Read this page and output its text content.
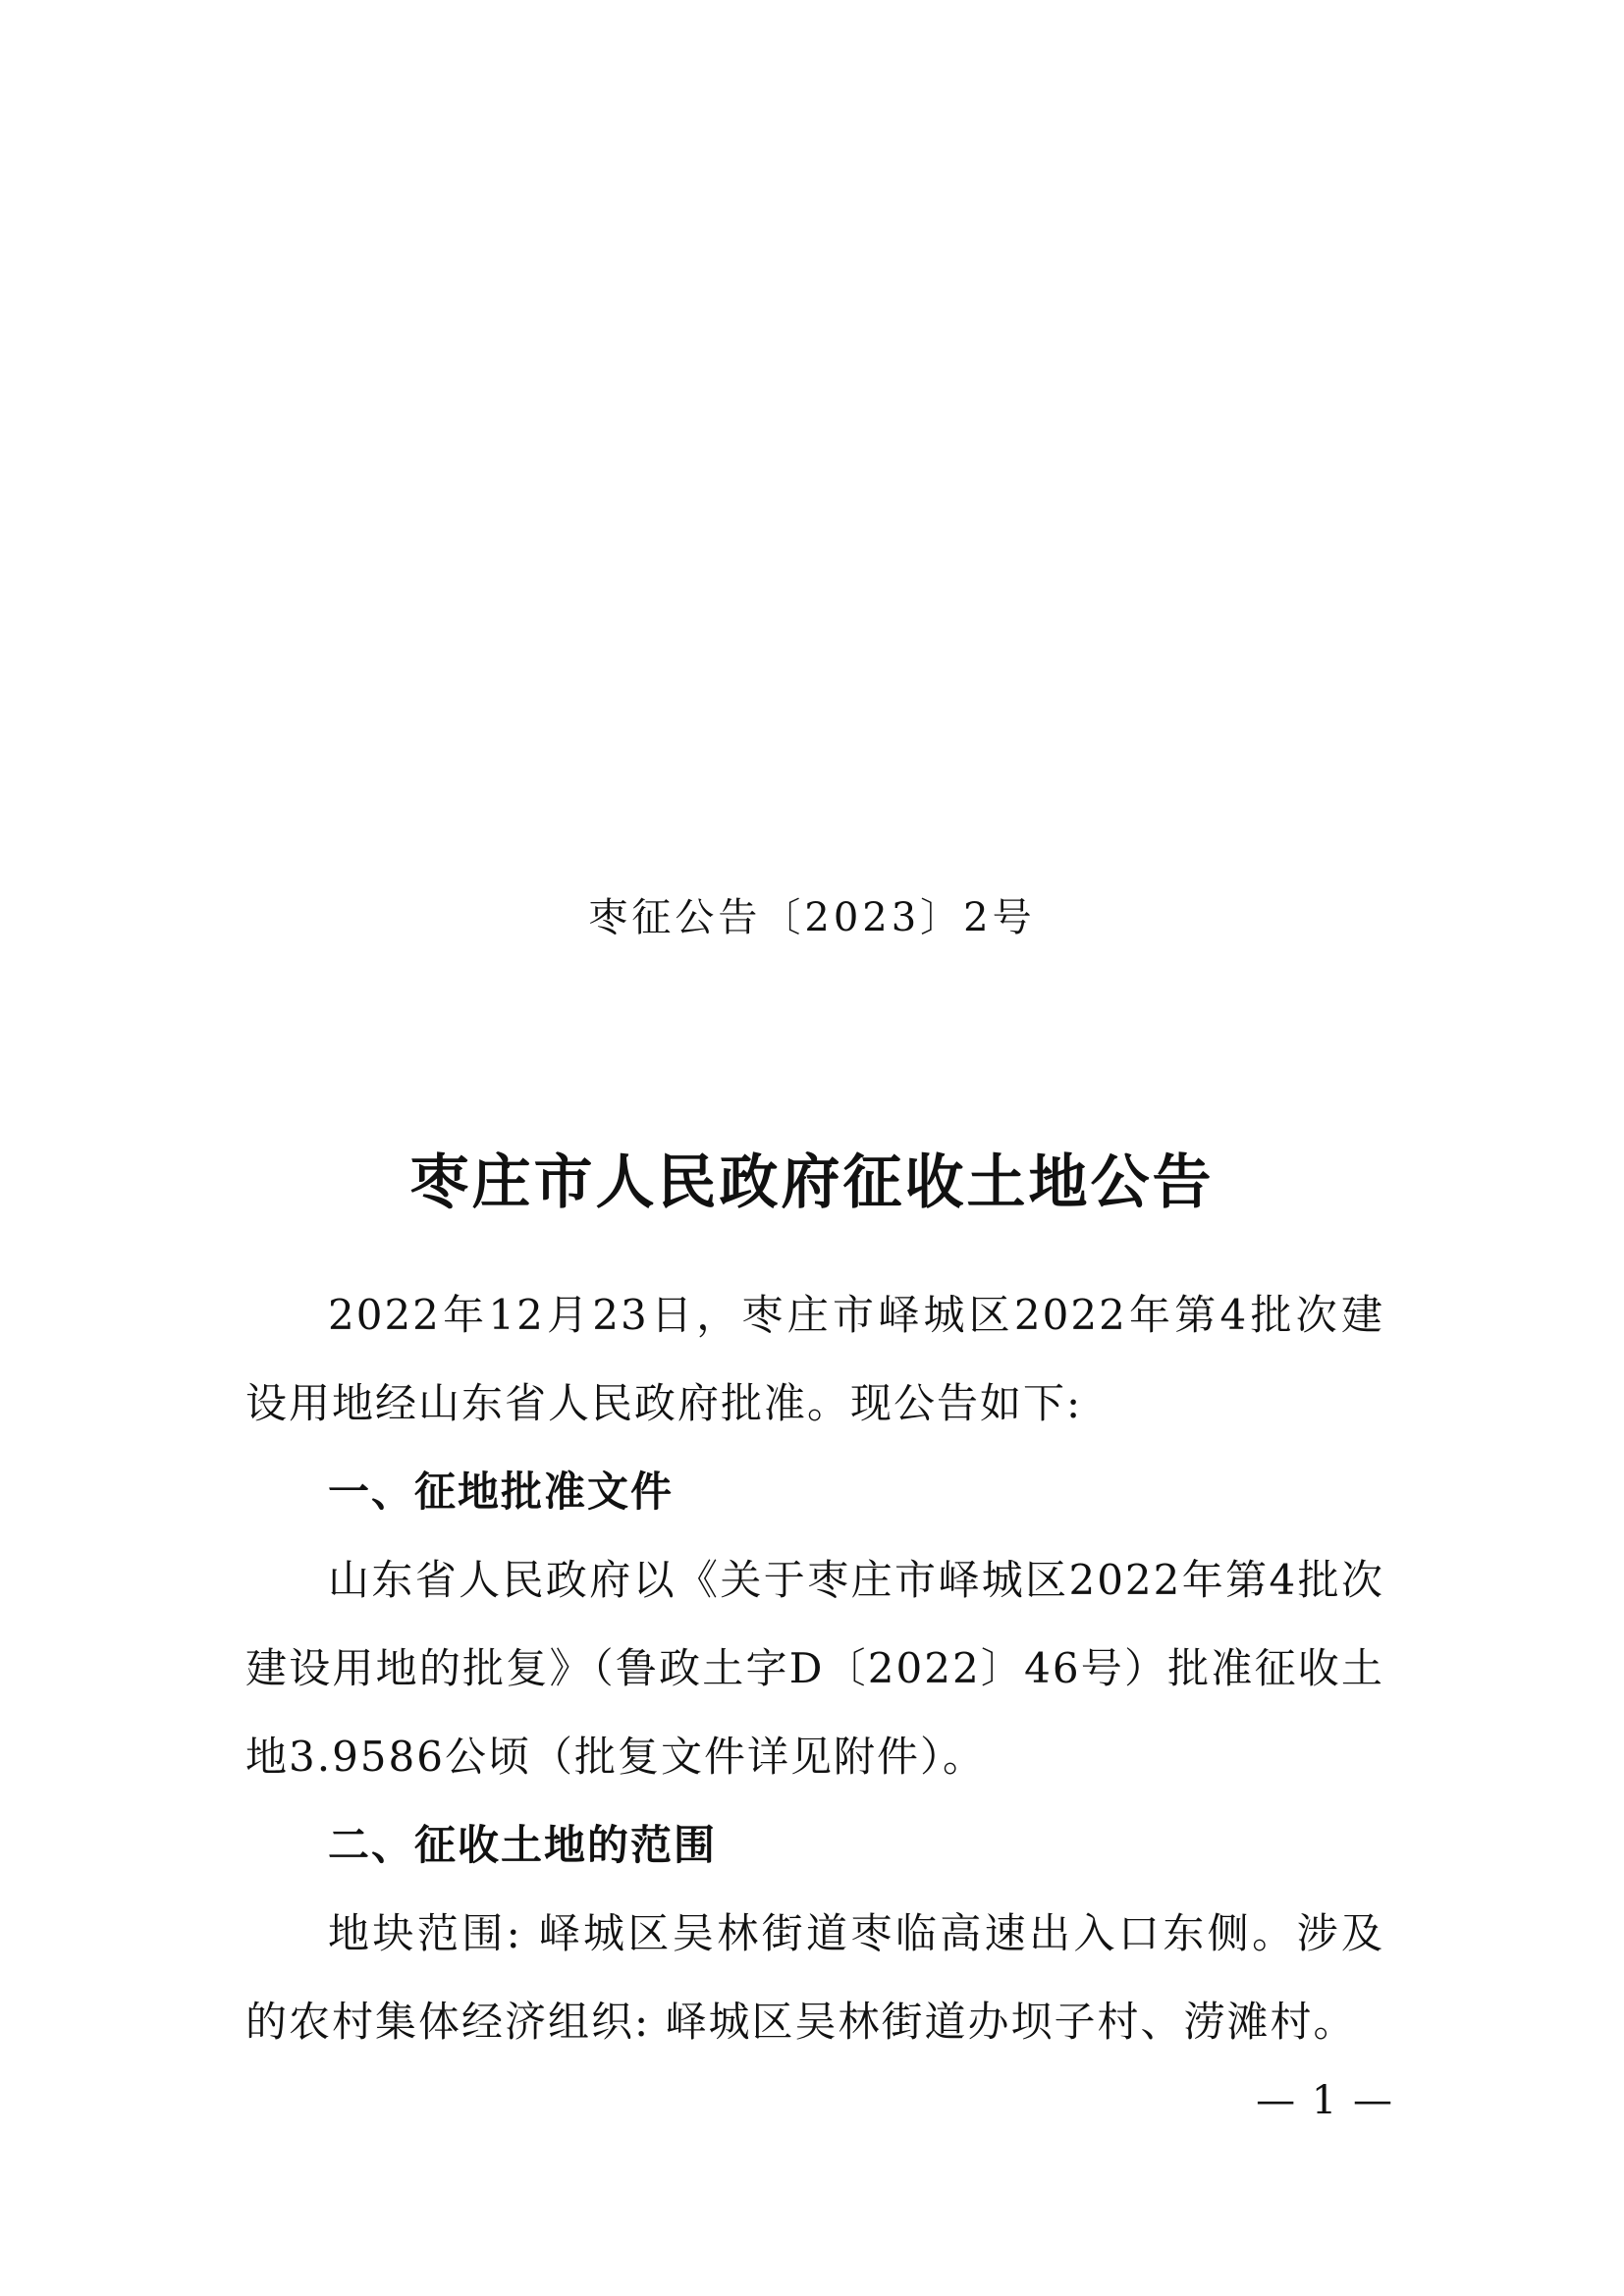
枣征公告〔2023〕2号
枣庄市人民政府征收土地公告
2022年12月23日，枣庄市峄城区2022年第4批次建设用地经山东省人民政府批准。现公告如下:
一、征地批准文件
山东省人民政府以《关于枣庄市峄城区2022年第4批次建设用地的批复》（鲁政土字D〔2022〕46号）批准征收土地3.9586公顷（批复文件详见附件）。
二、征收土地的范围
地块范围: 峄城区吴林街道枣临高速出入口东侧。涉及的农村集体经济组织: 峄城区吴林街道办坝子村、涝滩村。
— 1 —
